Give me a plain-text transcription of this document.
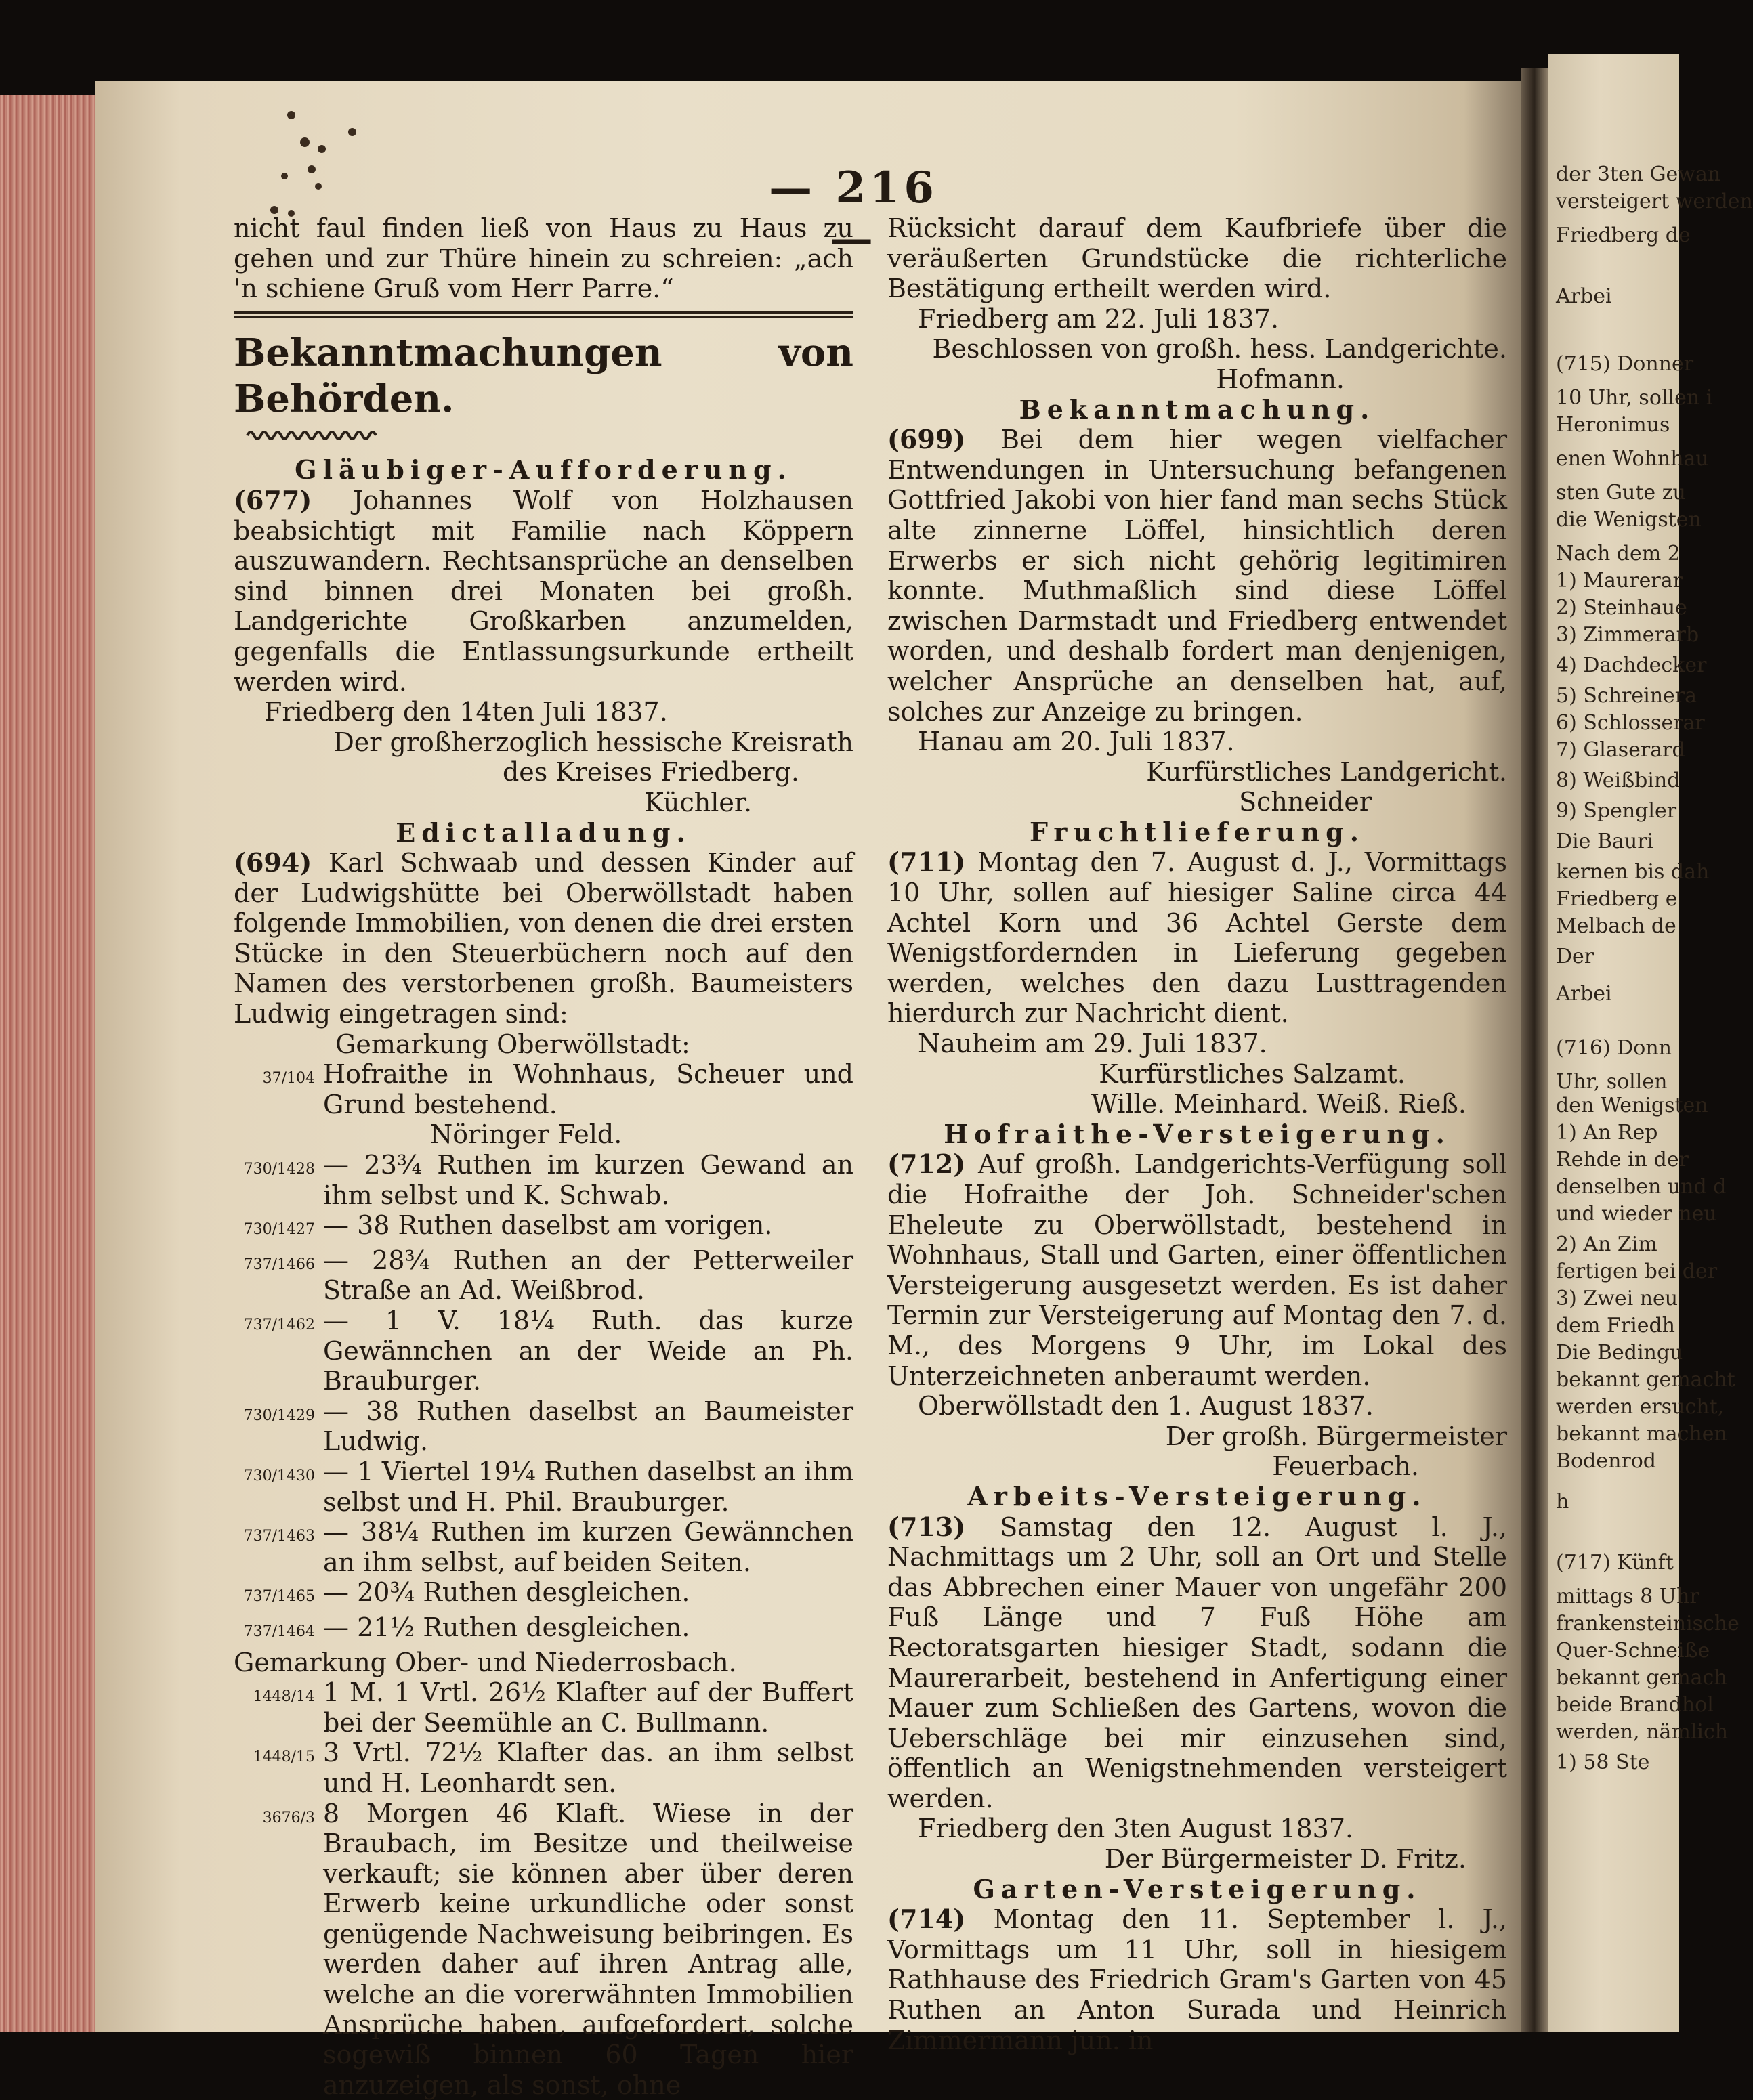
der 3ten Gewan
versteigert werden
Friedberg de
Arbei
(715) Donner
10 Uhr, sollen i
Heronimus
enen Wohnhau
sten Gute zu
die Wenigsten
Nach dem 2
1) Maurerar
2) Steinhaue
3) Zimmerarb
4) Dachdecker
5) Schreinera
6) Schlosserar
7) Glaserard
8) Weißbind
9) Spengler
Die Bauri
kernen bis dah
Friedberg e
Melbach de
Der
Arbei
(716) Donn
Uhr, sollen
den Wenigsten
1) An Rep
Rehde in der
denselben und d
und wieder neu
2) An Zim
fertigen bei der
3) Zwei neu
dem Friedh
Die Bedingu
bekannt gemacht
werden ersucht,
bekannt machen
Bodenrod
h
(717) Künft
mittags 8 Uhr
frankensteinische
Quer-Schneiße
bekannt gemach
beide Brandhol
werden, nämlich
1) 58 Ste
— 216 —

nicht faul finden ließ von Haus zu Haus zu gehen und zur Thüre hinein zu schreien: „ach 'n schiene Gruß vom Herr Parre.“

Bekanntmachungen von Behörden.

Gläubiger-Aufforderung.

(677) Johannes Wolf von Holzhausen beabsichtigt mit Familie nach Köppern auszuwandern. Rechtsansprüche an denselben sind binnen drei Monaten bei großh. Landgerichte Großkarben anzumelden, gegenfalls die Entlassungsurkunde ertheilt werden wird.

Friedberg den 14ten Juli 1837.

Der großherzoglich hessische Kreisrath

des Kreises Friedberg.

Küchler.

Edictalladung.

(694) Karl Schwaab und dessen Kinder auf der Ludwigshütte bei Oberwöllstadt haben folgende Immobilien, von denen die drei ersten Stücke in den Steuerbüchern noch auf den Namen des verstorbenen großh. Baumeisters Ludwig eingetragen sind:

Gemarkung Oberwöllstadt:

37/104 Hofraithe in Wohnhaus, Scheuer und Grund bestehend.

Nöringer Feld.

730/1428 — 23¾ Ruthen im kurzen Gewand an ihm selbst und K. Schwab.
730/1427 — 38 Ruthen daselbst am vorigen.
737/1466 — 28¾ Ruthen an der Petterweiler Straße an Ad. Weißbrod.
737/1462 — 1 V. 18¼ Ruth. das kurze Gewännchen an der Weide an Ph. Brauburger.
730/1429 — 38 Ruthen daselbst an Baumeister Ludwig.
730/1430 — 1 Viertel 19¼ Ruthen daselbst an ihm selbst und H. Phil. Brauburger.
737/1463 — 38¼ Ruthen im kurzen Gewännchen an ihm selbst, auf beiden Seiten.
737/1465 — 20¾ Ruthen desgleichen.
737/1464 — 21½ Ruthen desgleichen.

Gemarkung Ober- und Niederrosbach.

1448/14 1 M. 1 Vrtl. 26½ Klafter auf der Buffert bei der Seemühle an C. Bullmann.
1448/15 3 Vrtl. 72½ Klafter das. an ihm selbst und H. Leonhardt sen.
3676/3 8 Morgen 46 Klaft. Wiese in der Braubach, im Besitze und theilweise verkauft; sie können aber über deren Erwerb keine urkundliche oder sonst genügende Nachweisung beibringen. Es werden daher auf ihren Antrag alle, welche an die vorerwähnten Immobilien Ansprüche haben, aufgefordert, solche sogewiß binnen 60 Tagen hier anzuzeigen, als sonst, ohne

Rücksicht darauf dem Kaufbriefe über die veräußerten Grundstücke die richterliche Bestätigung ertheilt werden wird.

Friedberg am 22. Juli 1837.

Beschlossen von großh. hess. Landgerichte.

Hofmann.

Bekanntmachung.

(699) Bei dem hier wegen vielfacher Entwendungen in Untersuchung befangenen Gottfried Jakobi von hier fand man sechs Stück alte zinnerne Löffel, hinsichtlich deren Erwerbs er sich nicht gehörig legitimiren konnte. Muthmaßlich sind diese Löffel zwischen Darmstadt und Friedberg entwendet worden, und deshalb fordert man denjenigen, welcher Ansprüche an denselben hat, auf, solches zur Anzeige zu bringen.

Hanau am 20. Juli 1837.

Kurfürstliches Landgericht.

Schneider

Fruchtlieferung.

(711) Montag den 7. August d. J., Vormittags 10 Uhr, sollen auf hiesiger Saline circa 44 Achtel Korn und 36 Achtel Gerste dem Wenigstfordernden in Lieferung gegeben werden, welches den dazu Lusttragenden hierdurch zur Nachricht dient.

Nauheim am 29. Juli 1837.

Kurfürstliches Salzamt.

Wille. Meinhard. Weiß. Rieß.

Hofraithe-Versteigerung.

(712) Auf großh. Landgerichts-Verfügung soll die Hofraithe der Joh. Schneider'schen Eheleute zu Oberwöllstadt, bestehend in Wohnhaus, Stall und Garten, einer öffentlichen Versteigerung ausgesetzt werden. Es ist daher Termin zur Versteigerung auf Montag den 7. d. M., des Morgens 9 Uhr, im Lokal des Unterzeichneten anberaumt werden.

Oberwöllstadt den 1. August 1837.

Der großh. Bürgermeister

Feuerbach.

Arbeits-Versteigerung.

(713) Samstag den 12. August l. J., Nachmittags um 2 Uhr, soll an Ort und Stelle das Abbrechen einer Mauer von ungefähr 200 Fuß Länge und 7 Fuß Höhe am Rectoratsgarten hiesiger Stadt, sodann die Maurerarbeit, bestehend in Anfertigung einer Mauer zum Schließen des Gartens, wovon die Ueberschläge bei mir einzusehen sind, öffentlich an Wenigstnehmenden versteigert werden.

Friedberg den 3ten August 1837.

Der Bürgermeister D. Fritz.

Garten-Versteigerung.

(714) Montag den 11. September l. J., Vormittags um 11 Uhr, soll in hiesigem Rathhause des Friedrich Gram's Garten von 45 Ruthen an Anton Surada und Heinrich Zimmermann jun. in
